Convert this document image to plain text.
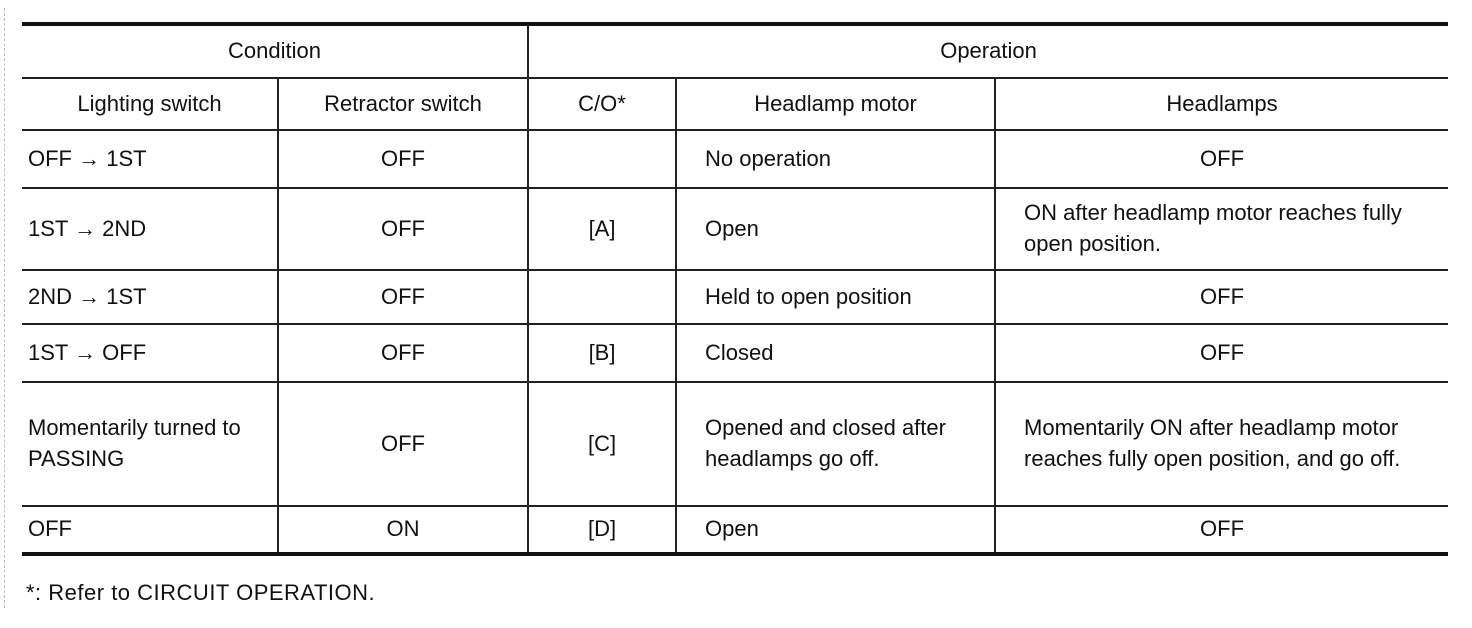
Condition		Operation		
Lighting switch	Retractor switch	C/O*	Headlamp motor	Headlamps
OFF → 1ST	OFF		No operation	OFF
1ST → 2ND	OFF	[A]	Open	ON after headlamp motor reaches fully open position.
2ND → 1ST	OFF		Held to open position	OFF
1ST → OFF	OFF	[B]	Closed	OFF
Momentarily turned to PASSING	OFF	[C]	Opened and closed after headlamps go off.	Momentarily ON after headlamp motor reaches fully open position, and go off.
OFF	ON	[D]	Open	OFF
*: Refer to CIRCUIT OPERATION.
